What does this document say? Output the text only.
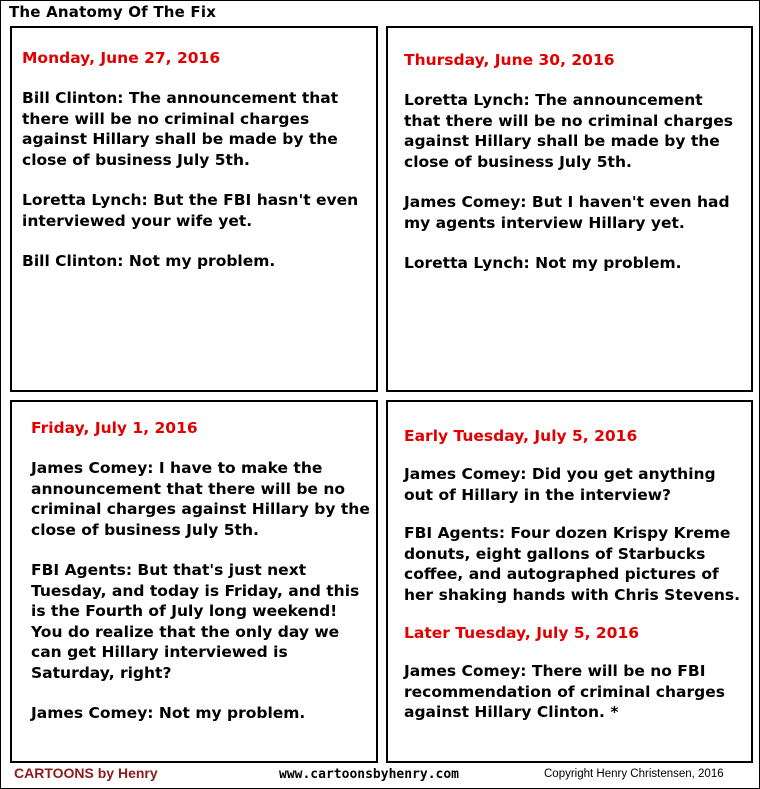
The Anatomy Of The Fix
Monday, June 27, 2016
Bill Clinton: The announcement that there will be no criminal charges against Hillary shall be made by the close of business July 5th.
Loretta Lynch: But the FBI hasn't even interviewed your wife yet.
Bill Clinton: Not my problem.
Thursday, June 30, 2016
Loretta Lynch: The announcement that there will be no criminal charges against Hillary shall be made by the close of business July 5th.
James Comey: But I haven't even had my agents interview Hillary yet.
Loretta Lynch: Not my problem.
Friday, July 1, 2016
James Comey: I have to make the announcement that there will be no criminal charges against Hillary by the close of business July 5th.
FBI Agents: But that's just next Tuesday, and today is Friday, and this is the Fourth of July long weekend! You do realize that the only day we can get Hillary interviewed is Saturday, right?
James Comey: Not my problem.
Early Tuesday, July 5, 2016
James Comey: Did you get anything out of Hillary in the interview?
FBI Agents: Four dozen Krispy Kreme donuts, eight gallons of Starbucks coffee, and autographed pictures of her shaking hands with Chris Stevens.
Later Tuesday, July 5, 2016
James Comey: There will be no FBI recommendation of criminal charges against Hillary Clinton. *
CARTOONS by Henry	www.cartoonsbyhenry.com	Copyright Henry Christensen, 2016
